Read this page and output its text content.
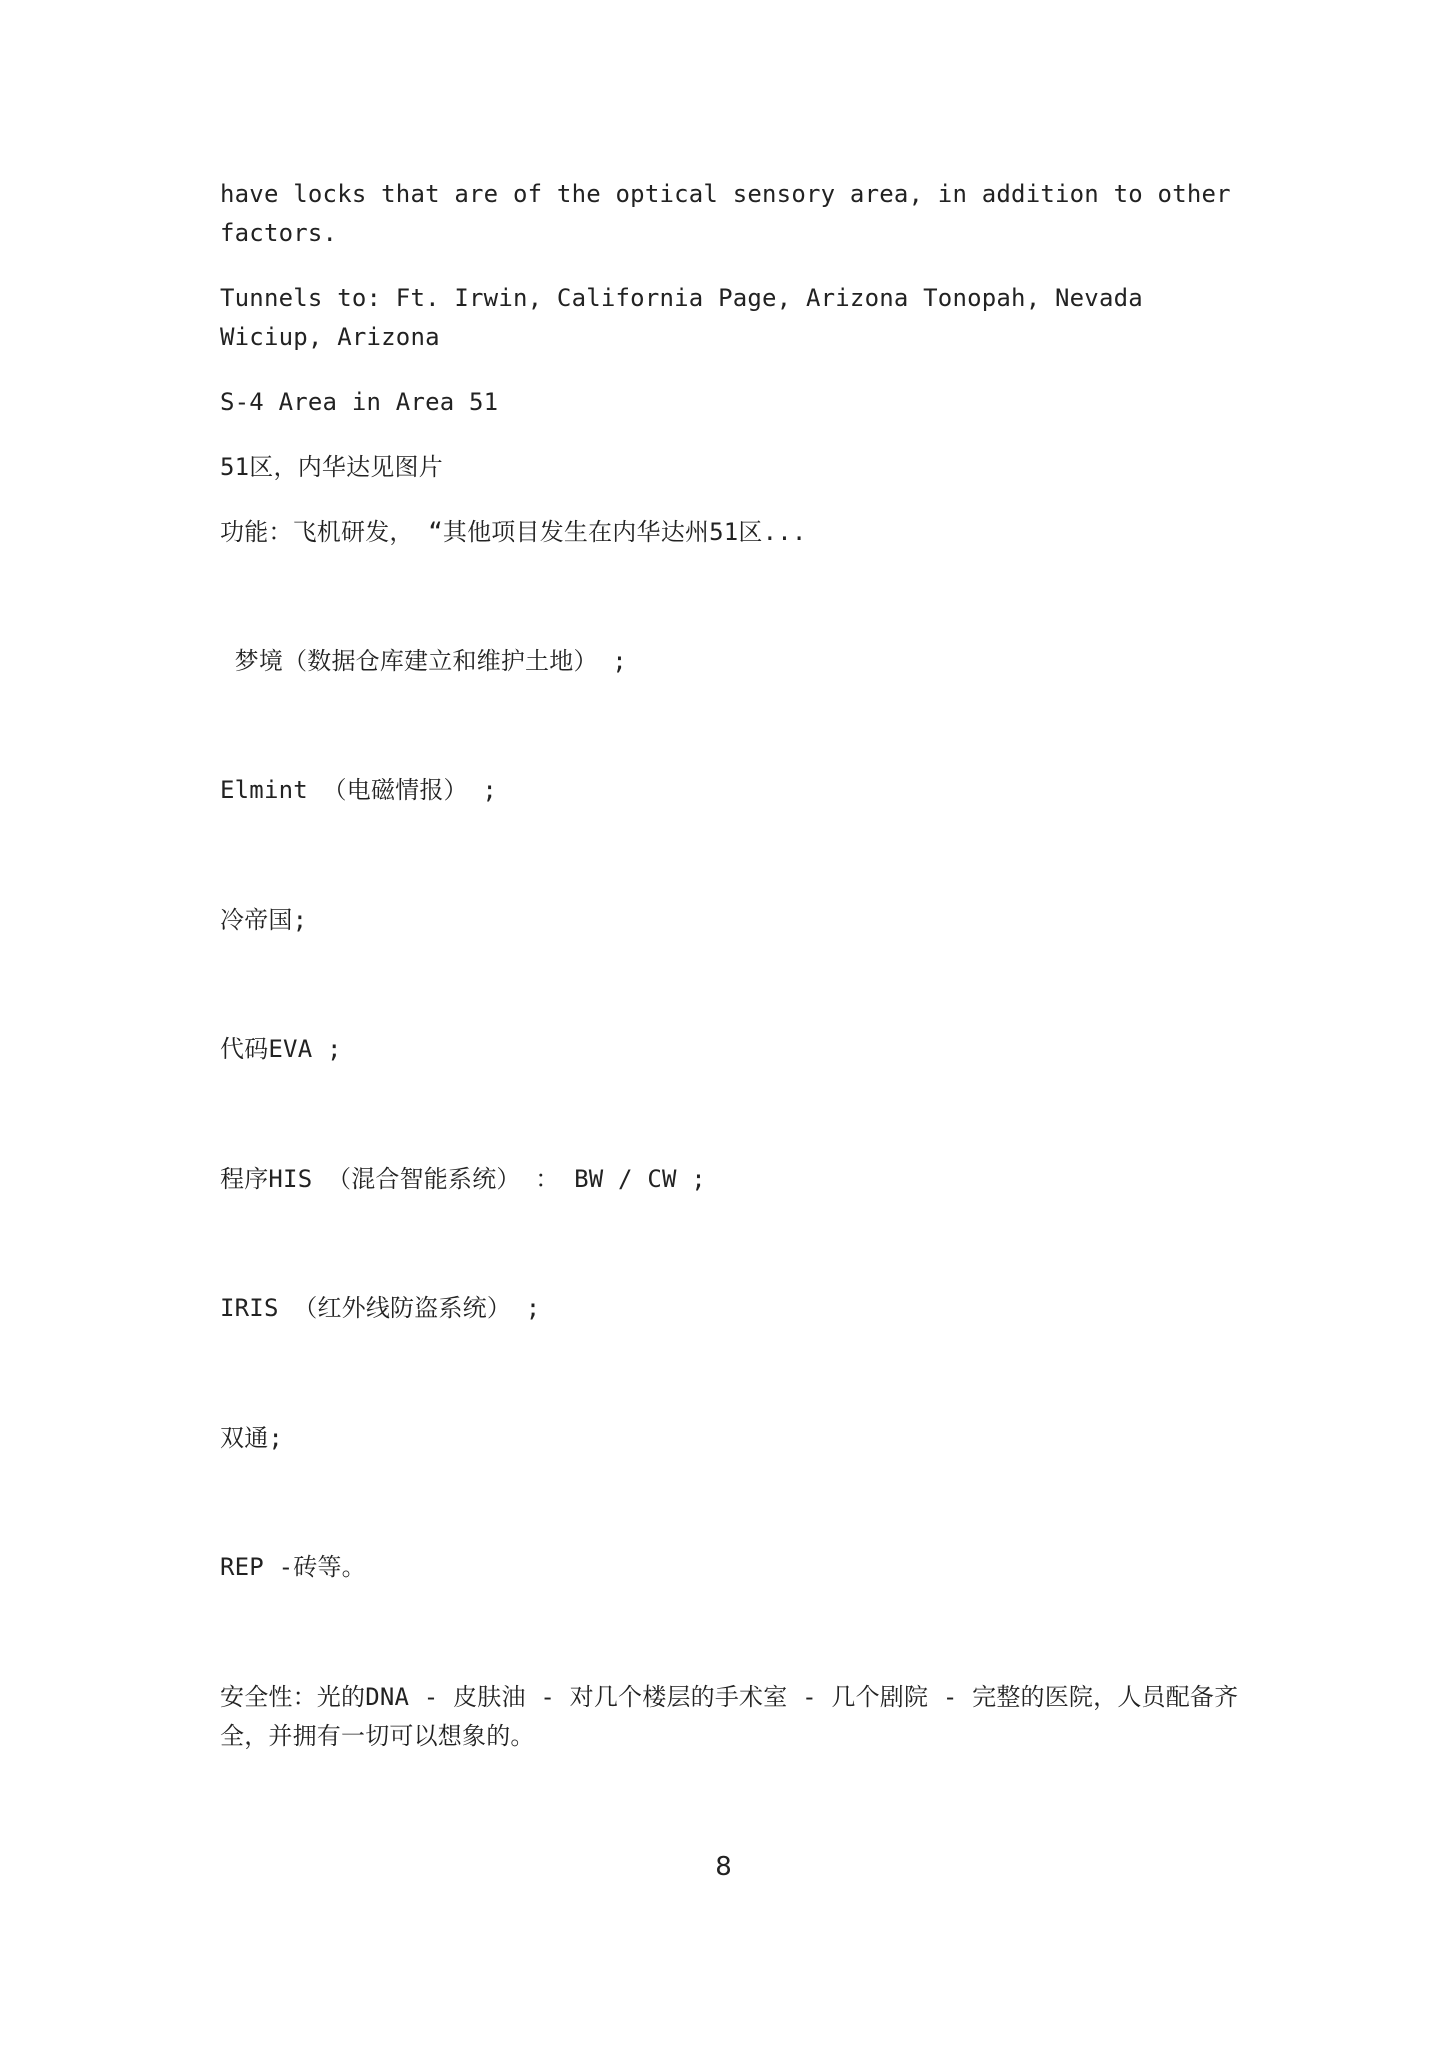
have locks that are of the optical sensory area, in addition to other factors.
Tunnels to: Ft. Irwin, California Page, Arizona Tonopah, Nevada Wiciup, Arizona
S-4 Area in Area 51
51区，内华达见图片
功能：飞机研发， “其他项目发生在内华达州51区...
梦境（数据仓库建立和维护土地） ;
Elmint （电磁情报） ;
冷帝国;
代码EVA ;
程序HIS （混合智能系统） ： BW / CW ;
IRIS （红外线防盗系统） ;
双通;
REP -砖等。
安全性：光的DNA - 皮肤油 - 对几个楼层的手术室 - 几个剧院 - 完整的医院，人员配备齐全，并拥有一切可以想象的。
8
